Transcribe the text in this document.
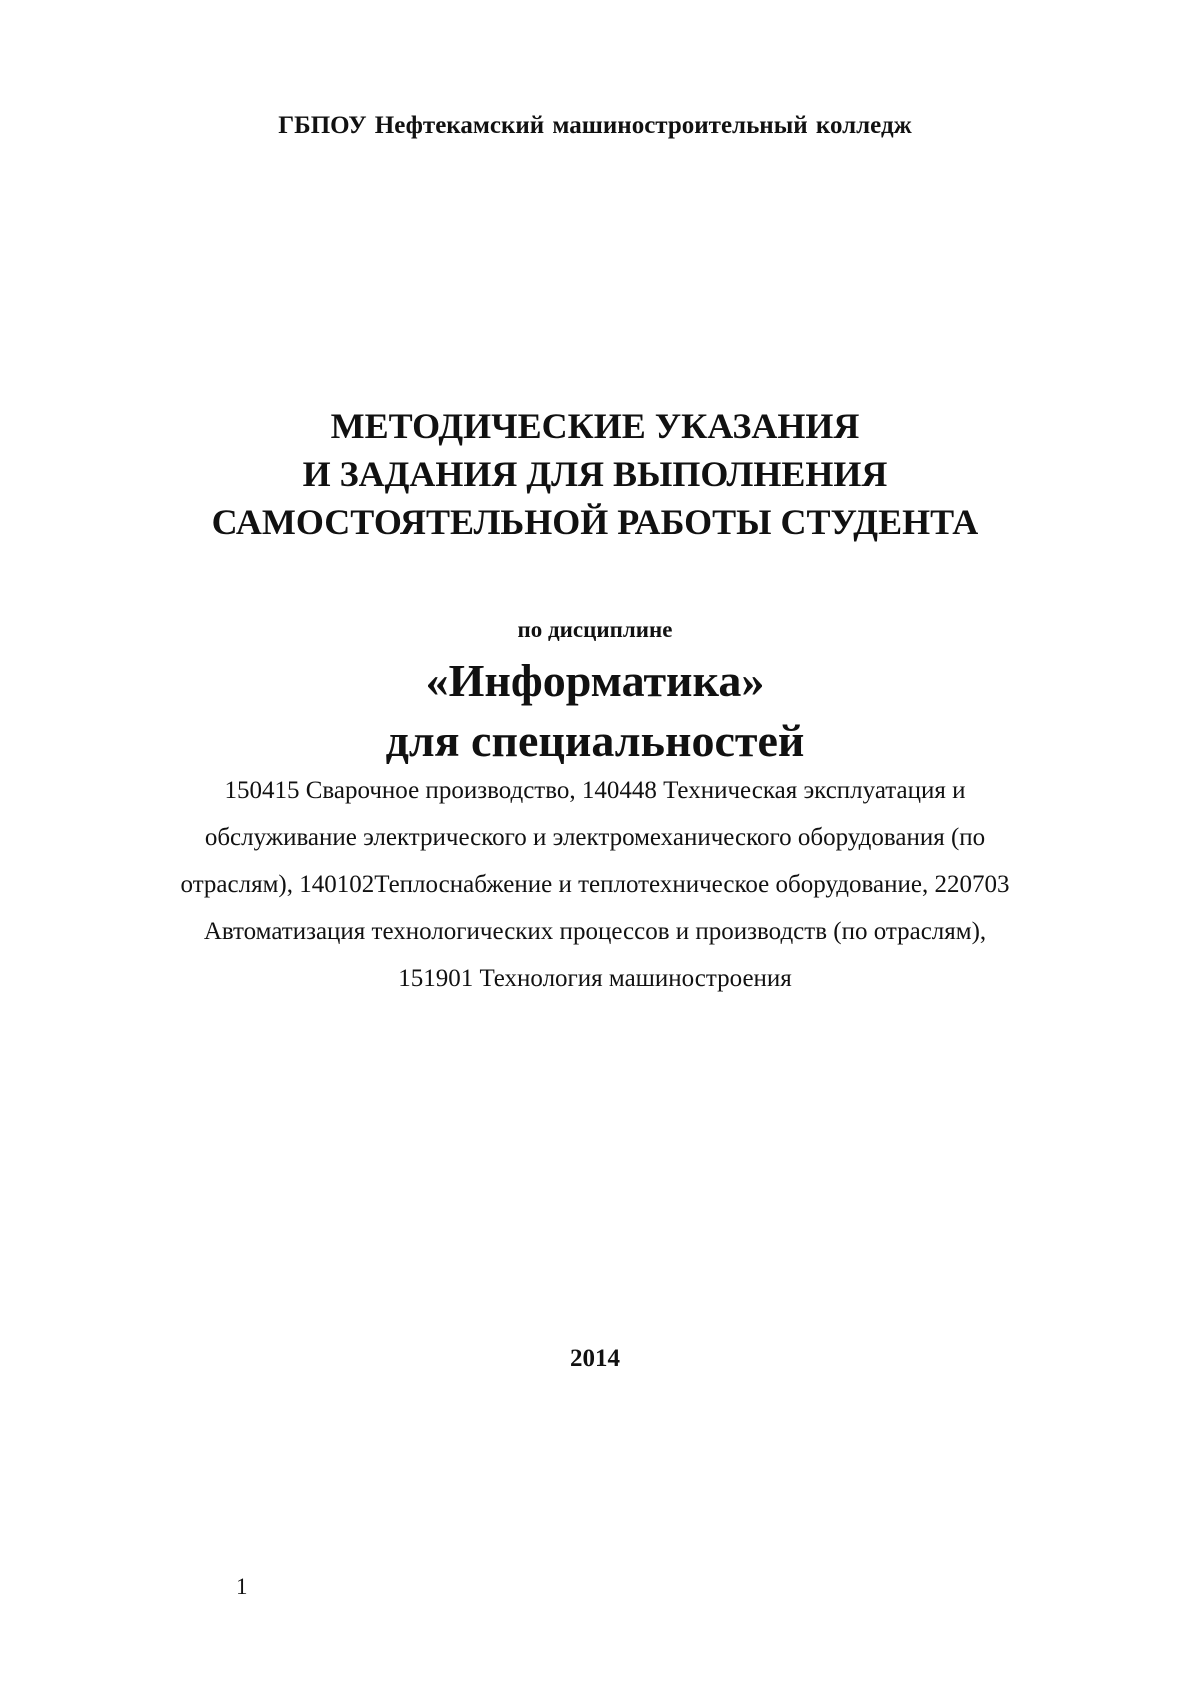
ГБПОУ Нефтекамский машиностроительный колледж
МЕТОДИЧЕСКИЕ УКАЗАНИЯ
И ЗАДАНИЯ ДЛЯ ВЫПОЛНЕНИЯ
САМОСТОЯТЕЛЬНОЙ РАБОТЫ СТУДЕНТА
по дисциплине
«Информатика»
для специальностей
150415 Сварочное производство, 140448 Техническая эксплуатация и
обслуживание электрического и электромеханического оборудования (по
отраслям), 140102Теплоснабжение и теплотехническое оборудование, 220703
Автоматизация технологических процессов и производств (по отраслям),
151901 Технология машиностроения
2014
1
